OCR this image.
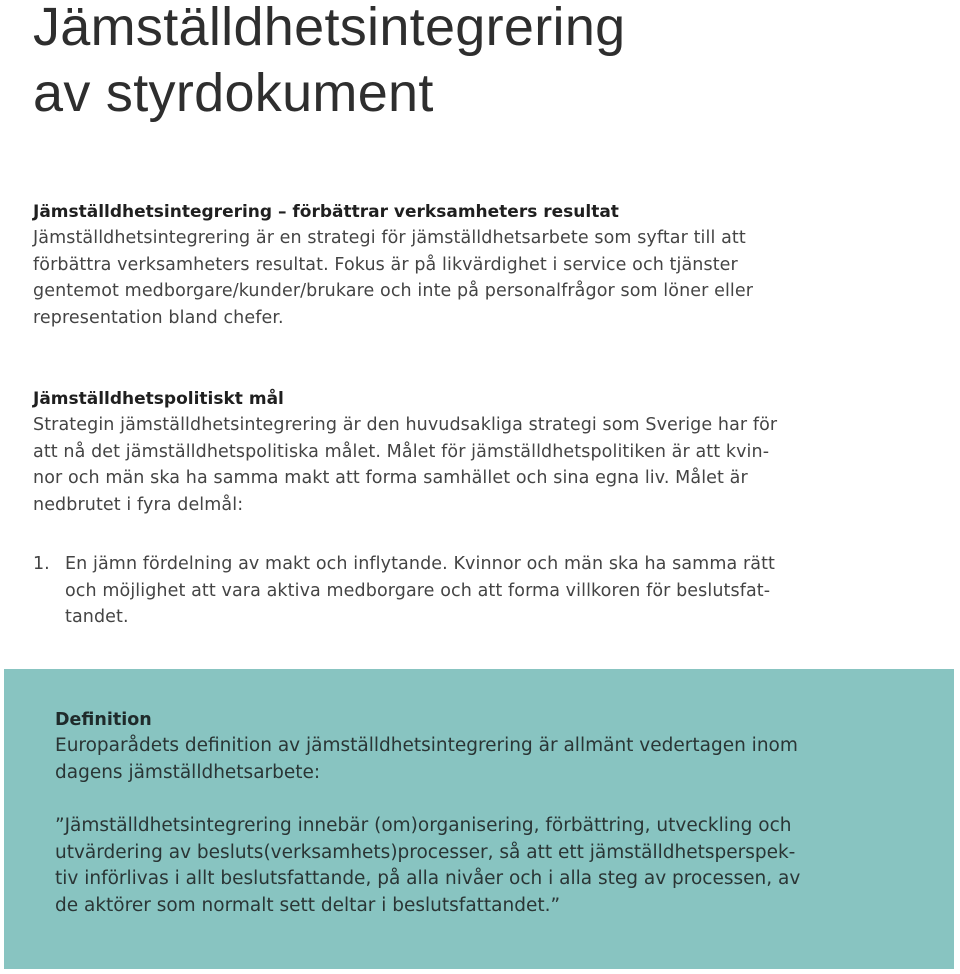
Jämställdhetsintegrering
av styrdokument
Jämställdhetsintegrering – förbättrar verksamheters resultat

Jämställdhetsintegrering är en strategi för jämställdhetsarbete som syftar till att
förbättra verksamheters resultat. Fokus är på likvärdighet i service och tjänster
gentemot medborgare/kunder/brukare och inte på personalfrågor som löner eller
representation bland chefer.

Jämställdhetspolitiskt mål

Strategin jämställdhetsintegrering är den huvudsakliga strategi som Sverige har för
att nå det jämställdhetspolitiska målet. Målet för jämställdhetspolitiken är att kvin-
nor och män ska ha samma makt att forma samhället och sina egna liv. Målet är
nedbrutet i fyra delmål:

1. En jämn fördelning av makt och inflytande. Kvinnor och män ska ha samma rätt
och möjlighet att vara aktiva medborgare och att forma villkoren för beslutsfat-
tandet.

Definition

Europarådets definition av jämställdhetsintegrering är allmänt vedertagen inom
dagens jämställdhetsarbete:

”Jämställdhetsintegrering innebär (om)organisering, förbättring, utveckling och
utvärdering av besluts(verksamhets)processer, så att ett jämställdhetsperspek-
tiv införlivas i allt beslutsfattande, på alla nivåer och i alla steg av processen, av
de aktörer som normalt sett deltar i beslutsfattandet.”
